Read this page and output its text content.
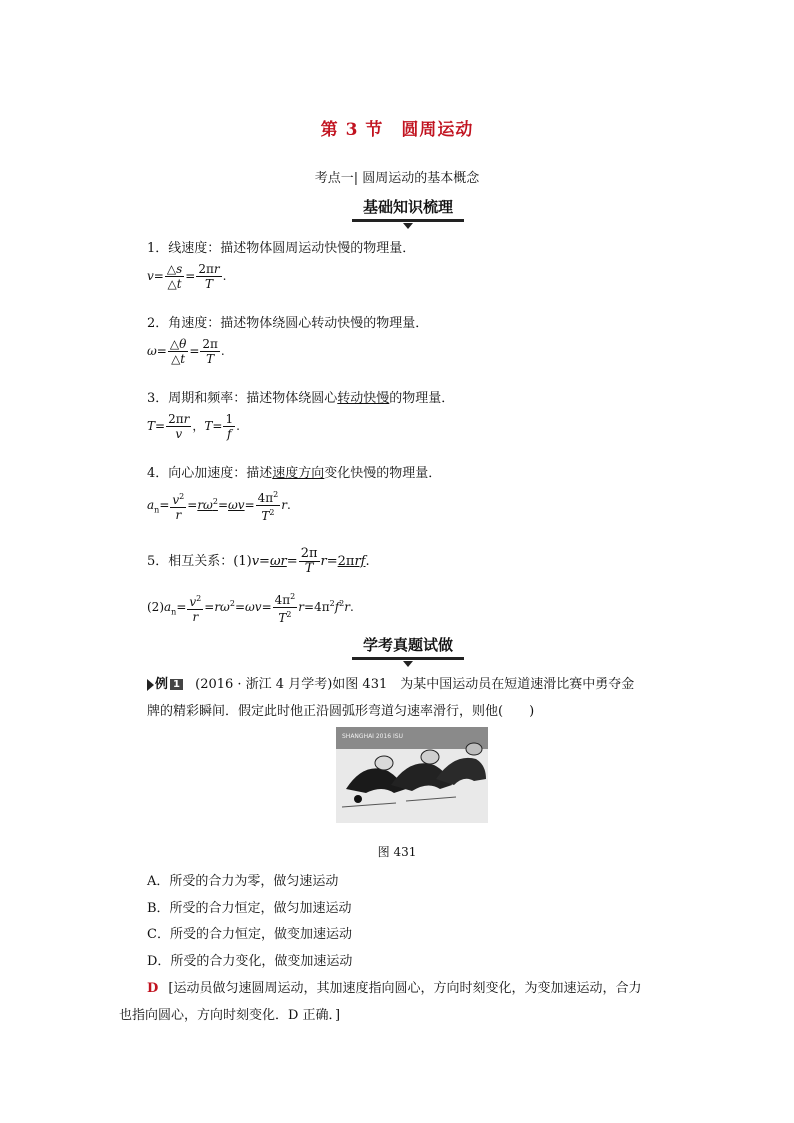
第 3 节 圆周运动
考点一| 圆周运动的基本概念
基础知识梳理
1．线速度：描述物体圆周运动快慢的物理量．
$v= \frac{\triangle s}{\triangle t} = \frac{2\pi r}{T}$ .
2．角速度：描述物体绕圆心转动快慢的物理量．
$\omega= \frac{\triangle\theta}{\triangle t} = \frac{2\pi}{T}$ .
3．周期和频率：描述物体绕圆心转动快慢的物理量．
$T= \frac{2\pi r}{v}$ ，$T= \frac{1}{f}$ .
4．向心加速度：描述速度方向变化快慢的物理量．
$a_n= \frac{v^2}{r} =r\omega^2=\omega v= \frac{4\pi^2}{T^2} r$.
5．相互关系：$(1)v=\omega r= \frac{2\pi}{T} r=2\pi rf$.
$(2)a_n= \frac{v^2}{r} =r\omega^2=\omega v= \frac{4\pi^2}{T^2} r=4\pi^2f^2r$.
学考真题试做
例 1 (2016 · 浙江 4 月学考)如图 431　为某中国运动员在短道速滑比赛中勇夺金
牌的精彩瞬间．假定此时他正沿圆弧形弯道匀速率滑行，则他(　　)
SHANGHAI 2016 ISU
图 431
A．所受的合力为零，做匀速运动
B．所受的合力恒定，做匀加速运动
C．所受的合力恒定，做变加速运动
D．所受的合力变化，做变加速运动
D [运动员做匀速圆周运动，其加速度指向圆心，方向时刻变化，为变加速运动，合力
也指向圆心，方向时刻变化．D 正确．]
